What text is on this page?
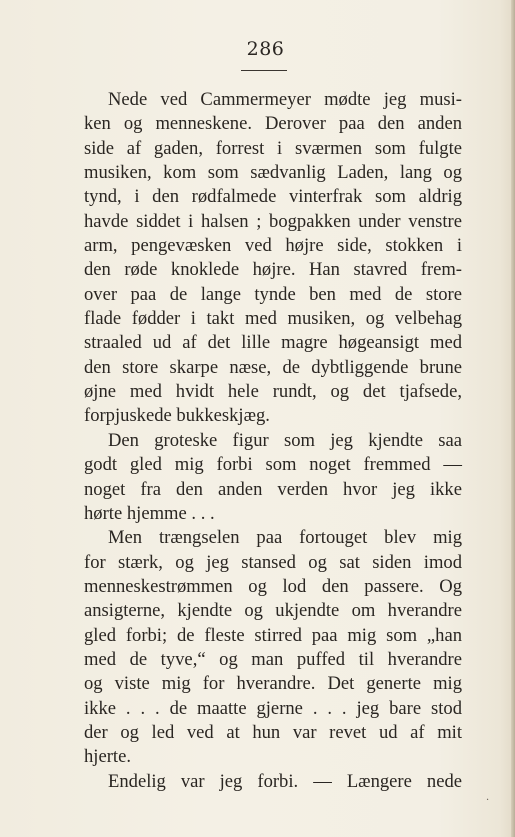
286
Nede ved Cammermeyer mødte jeg musi-
ken og menneskene. Derover paa den anden
side af gaden, forrest i sværmen som fulgte
musiken, kom som sædvanlig Laden, lang og
tynd, i den rødfalmede vinterfrak som aldrig
havde siddet i halsen ; bogpakken under venstre
arm, pengevæsken ved højre side, stokken i
den røde knoklede højre. Han stavred frem-
over paa de lange tynde ben med de store
flade fødder i takt med musiken, og velbehag
straaled ud af det lille magre høgeansigt med
den store skarpe næse, de dybtliggende brune
øjne med hvidt hele rundt, og det tjafsede,
forpjuskede bukkeskjæg.
Den groteske figur som jeg kjendte saa
godt gled mig forbi som noget fremmed —
noget fra den anden verden hvor jeg ikke
hørte hjemme . . .
Men trængselen paa fortouget blev mig
for stærk, og jeg stansed og sat siden imod
menneskestrømmen og lod den passere. Og
ansigterne, kjendte og ukjendte om hverandre
gled forbi; de fleste stirred paa mig som „han
med de tyve,“ og man puffed til hverandre
og viste mig for hverandre. Det generte mig
ikke . . . de maatte gjerne . . . jeg bare stod
der og led ved at hun var revet ud af mit
hjerte.
Endelig var jeg forbi. — Længere nede
·
